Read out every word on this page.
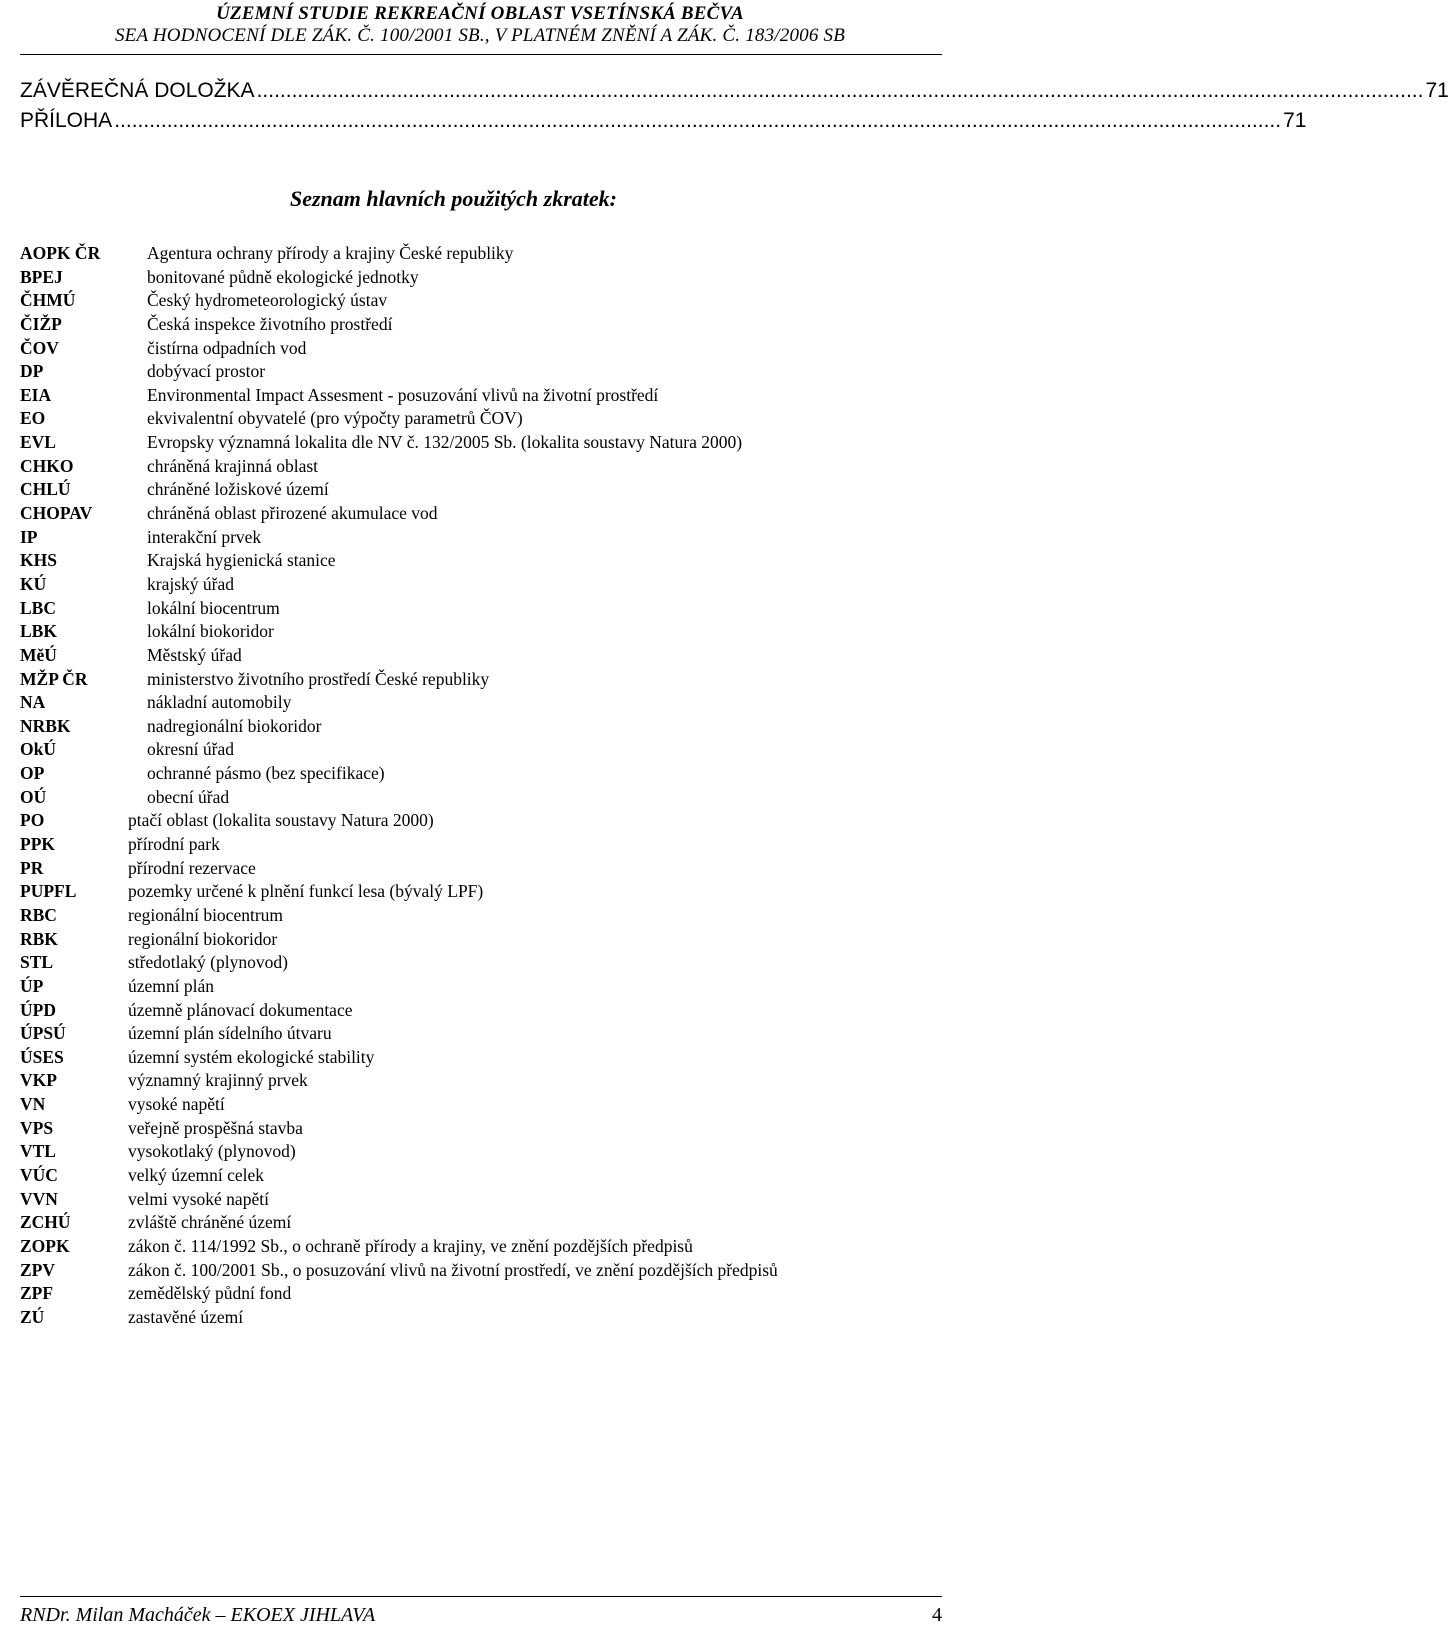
ÚZEMNÍ STUDIE REKREAČNÍ OBLAST VSETÍNSKÁ BEČVA
SEA HODNOCENÍ DLE ZÁK. Č. 100/2001 SB., V PLATNÉM ZNĚNÍ A ZÁK. Č. 183/2006 SB
ZÁVĚREČNÁ DOLOŽKA ........................................................................................................................................................................................................ 71
PŘÍLOHA ........................................................................................................................................................................................................ 71
Seznam hlavních použitých zkratek:
AOPK ČR	Agentura ochrany přírody a krajiny České republiky
BPEJ	bonitované půdně ekologické jednotky
ČHMÚ	Český hydrometeorologický ústav
ČIŽP	Česká inspekce životního prostředí
ČOV	čistírna odpadních vod
DP	dobývací prostor
EIA	Environmental Impact Assesment - posuzování vlivů na životní prostředí
EO	ekvivalentní obyvatelé (pro výpočty parametrů ČOV)
EVL	Evropsky významná lokalita dle NV č. 132/2005 Sb. (lokalita soustavy Natura 2000)
CHKO	chráněná krajinná oblast
CHLÚ	chráněné ložiskové území
CHOPAV	chráněná oblast přirozené akumulace vod
IP	interakční prvek
KHS	Krajská hygienická stanice
KÚ	krajský úřad
LBC	lokální biocentrum
LBK	lokální biokoridor
MěÚ	Městský úřad
MŽP ČR	ministerstvo životního prostředí České republiky
NA	nákladní automobily
NRBK	nadregionální biokoridor
OkÚ	okresní úřad
OP	ochranné pásmo (bez specifikace)
OÚ	obecní úřad
PO	ptačí oblast (lokalita soustavy Natura 2000)
PPK	přírodní park
PR	přírodní rezervace
PUPFL	pozemky určené k plnění funkcí lesa (bývalý LPF)
RBC	regionální biocentrum
RBK	regionální biokoridor
STL	středotlaký (plynovod)
ÚP	územní plán
ÚPD	územně plánovací dokumentace
ÚPSÚ	územní plán sídelního útvaru
ÚSES	územní systém ekologické stability
VKP	významný krajinný prvek
VN	vysoké napětí
VPS	veřejně prospěšná stavba
VTL	vysokotlaký (plynovod)
VÚC	velký územní celek
VVN	velmi vysoké napětí
ZCHÚ	zvláště chráněné území
ZOPK	zákon č. 114/1992 Sb., o ochraně přírody a krajiny, ve znění pozdějších předpisů
ZPV	zákon č. 100/2001 Sb., o posuzování vlivů na životní prostředí, ve znění pozdějších předpisů
ZPF	zemědělský půdní fond
ZÚ	zastavěné území
RNDr. Milan Macháček – EKOEX JIHLAVA	4
